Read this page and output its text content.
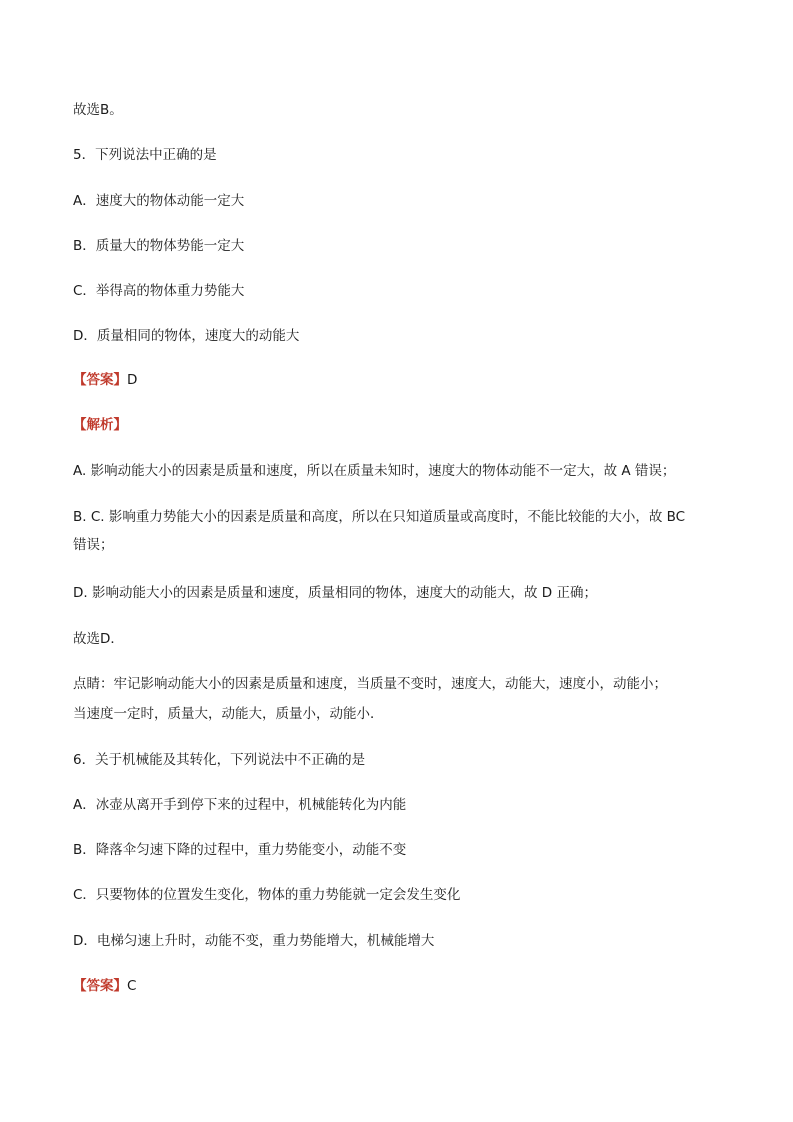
故选B。
5．下列说法中正确的是
A．速度大的物体动能一定大
B．质量大的物体势能一定大
C．举得高的物体重力势能大
D．质量相同的物体，速度大的动能大
【答案】D
【解析】
A. 影响动能大小的因素是质量和速度，所以在质量未知时，速度大的物体动能不一定大，故 A 错误；
B. C. 影响重力势能大小的因素是质量和高度，所以在只知道质量或高度时，不能比较能的大小，故 BC
错误；
D. 影响动能大小的因素是质量和速度，质量相同的物体，速度大的动能大，故 D 正确；
故选D．
点睛：牢记影响动能大小的因素是质量和速度，当质量不变时，速度大，动能大，速度小，动能小；
当速度一定时，质量大，动能大，质量小，动能小．
6．关于机械能及其转化，下列说法中不正确的是
A．冰壶从离开手到停下来的过程中，机械能转化为内能
B．降落伞匀速下降的过程中，重力势能变小，动能不变
C．只要物体的位置发生变化，物体的重力势能就一定会发生变化
D．电梯匀速上升时，动能不变，重力势能增大，机械能增大
【答案】C
